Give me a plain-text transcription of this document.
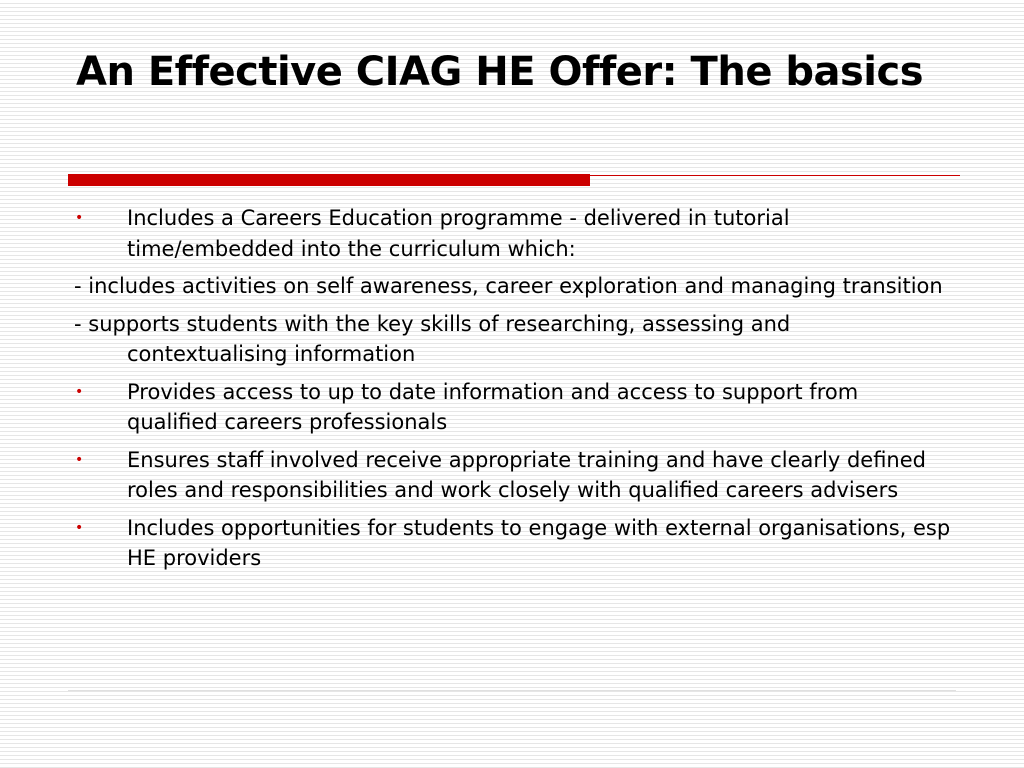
An Effective CIAG HE Offer: The basics
• Includes a Careers Education programme - delivered in tutorial time/embedded into the curriculum which:
- includes activities on self awareness, career exploration and managing transition
- supports students with the key skills of researching, assessing and contextualising information
• Provides access to up to date information and access to support from qualified careers professionals
• Ensures staff involved receive appropriate training and have clearly defined roles and responsibilities and work closely with qualified careers advisers
• Includes opportunities for students to engage with external organisations, esp HE providers
